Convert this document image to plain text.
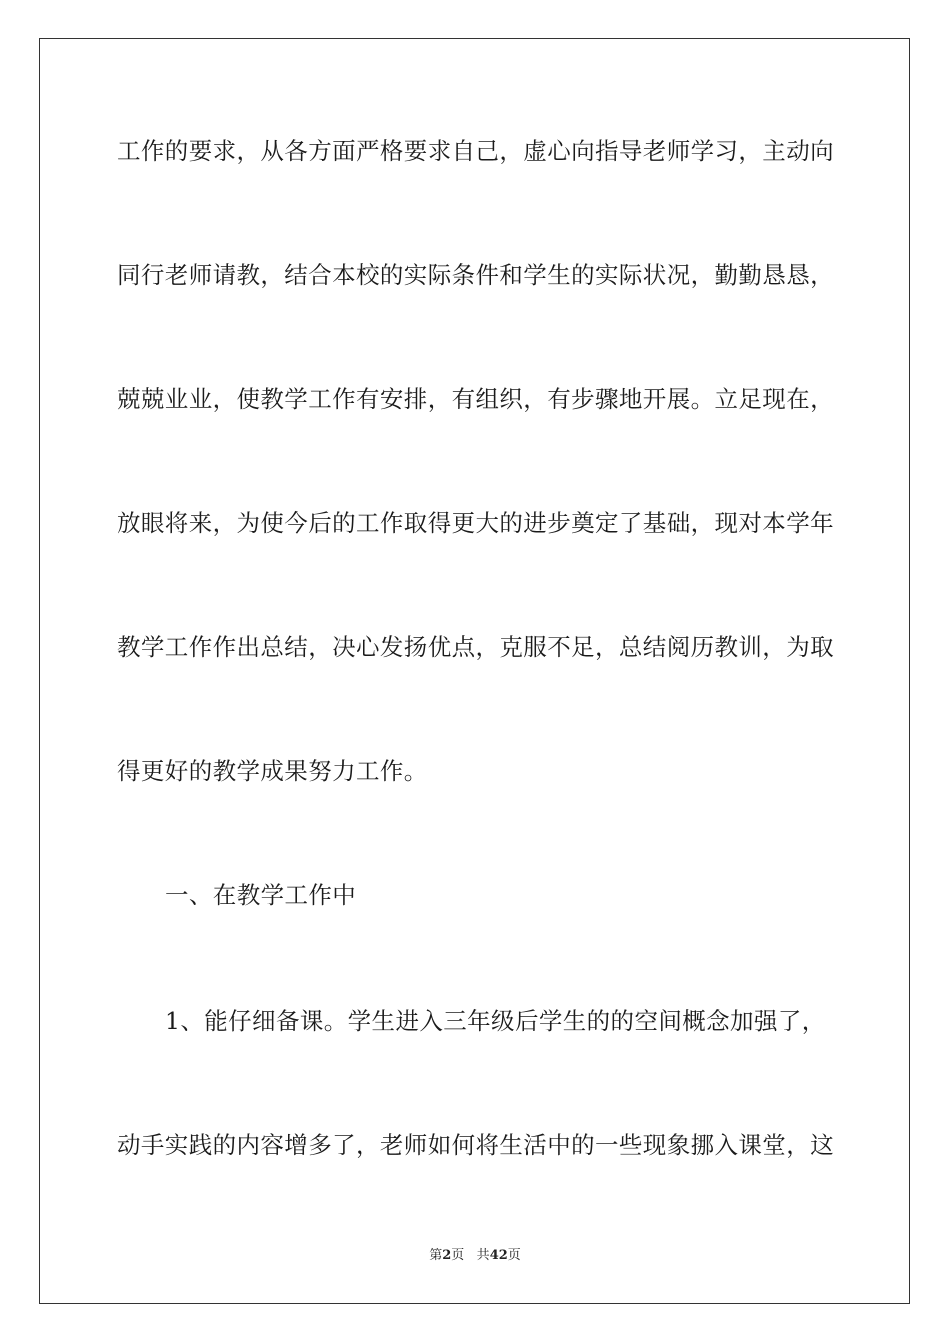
工作的要求，从各方面严格要求自己，虚心向指导老师学习，主动向
同行老师请教，结合本校的实际条件和学生的实际状况，勤勤恳恳，
兢兢业业，使教学工作有安排，有组织，有步骤地开展。立足现在，
放眼将来，为使今后的工作取得更大的进步奠定了基础，现对本学年
教学工作作出总结，决心发扬优点，克服不足，总结阅历教训，为取
得更好的教学成果努力工作。
一、在教学工作中
1、能仔细备课。学生进入三年级后学生的的空间概念加强了，
动手实践的内容增多了，老师如何将生活中的一些现象挪入课堂，这
第2页 共42页
